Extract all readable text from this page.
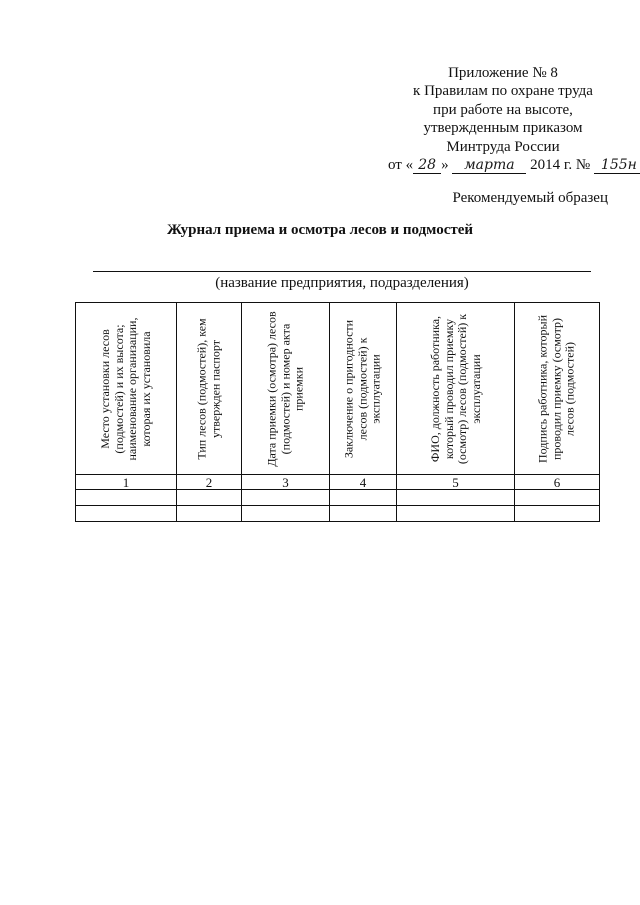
Приложение № 8
к Правилам по охране труда
при работе на высоте,
утвержденным приказом
Минтруда России
от « 28 » марта 2014 г. № 155н
Рекомендуемый образец
Журнал приема и осмотра лесов и подмостей
(название предприятия, подразделения)
Место установки лесов (подмостей) и их высота; наименование организации, которая их установила	Тип лесов (подмостей), кем утвержден паспорт	Дата приемки (осмотра) лесов (подмостей) и номер акта приемки	Заключение о пригодности лесов (подмостей) к эксплуатации	ФИО, должность работника, который проводил приемку (осмотр) лесов (подмостей) к эксплуатации	Подпись работника, который проводил приемку (осмотр) лесов (подмостей)

1	2	3	4	5	6
